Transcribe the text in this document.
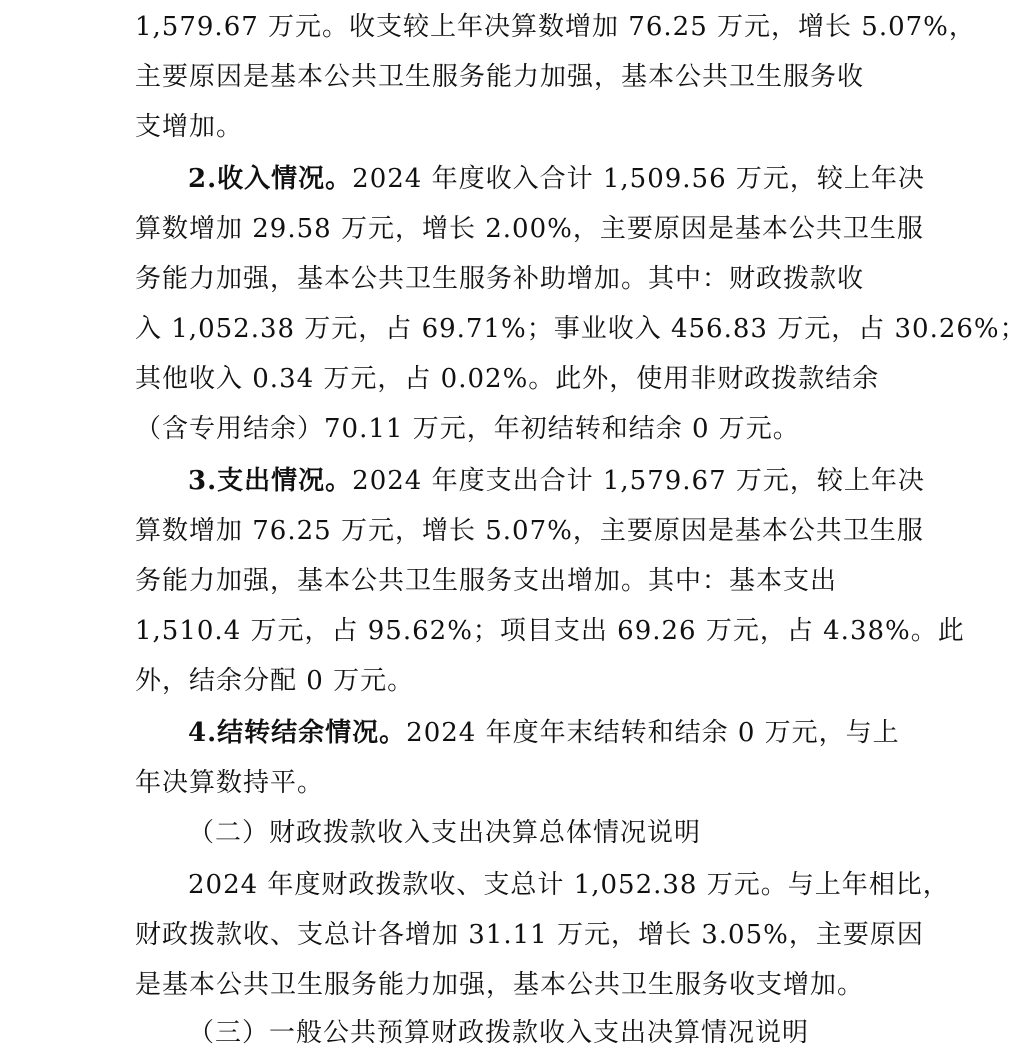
1,579.67 万元。收支较上年决算数增加 76.25 万元，增长 5.07%，
主要原因是基本公共卫生服务能力加强，基本公共卫生服务收
支增加。
2.收入情况。2024 年度收入合计 1,509.56 万元，较上年决
算数增加 29.58 万元，增长 2.00%，主要原因是基本公共卫生服
务能力加强，基本公共卫生服务补助增加。其中：财政拨款收
入 1,052.38 万元，占 69.71%；事业收入 456.83 万元，占 30.26%；
其他收入 0.34 万元，占 0.02%。此外，使用非财政拨款结余
（含专用结余）70.11 万元，年初结转和结余 0 万元。
3.支出情况。2024 年度支出合计 1,579.67 万元，较上年决
算数增加 76.25 万元，增长 5.07%，主要原因是基本公共卫生服
务能力加强，基本公共卫生服务支出增加。其中：基本支出
1,510.4 万元，占 95.62%；项目支出 69.26 万元，占 4.38%。此
外，结余分配 0 万元。
4.结转结余情况。2024 年度年末结转和结余 0 万元，与上
年决算数持平。
（二）财政拨款收入支出决算总体情况说明
2024 年度财政拨款收、支总计 1,052.38 万元。与上年相比，
财政拨款收、支总计各增加 31.11 万元，增长 3.05%，主要原因
是基本公共卫生服务能力加强，基本公共卫生服务收支增加。
（三）一般公共预算财政拨款收入支出决算情况说明
